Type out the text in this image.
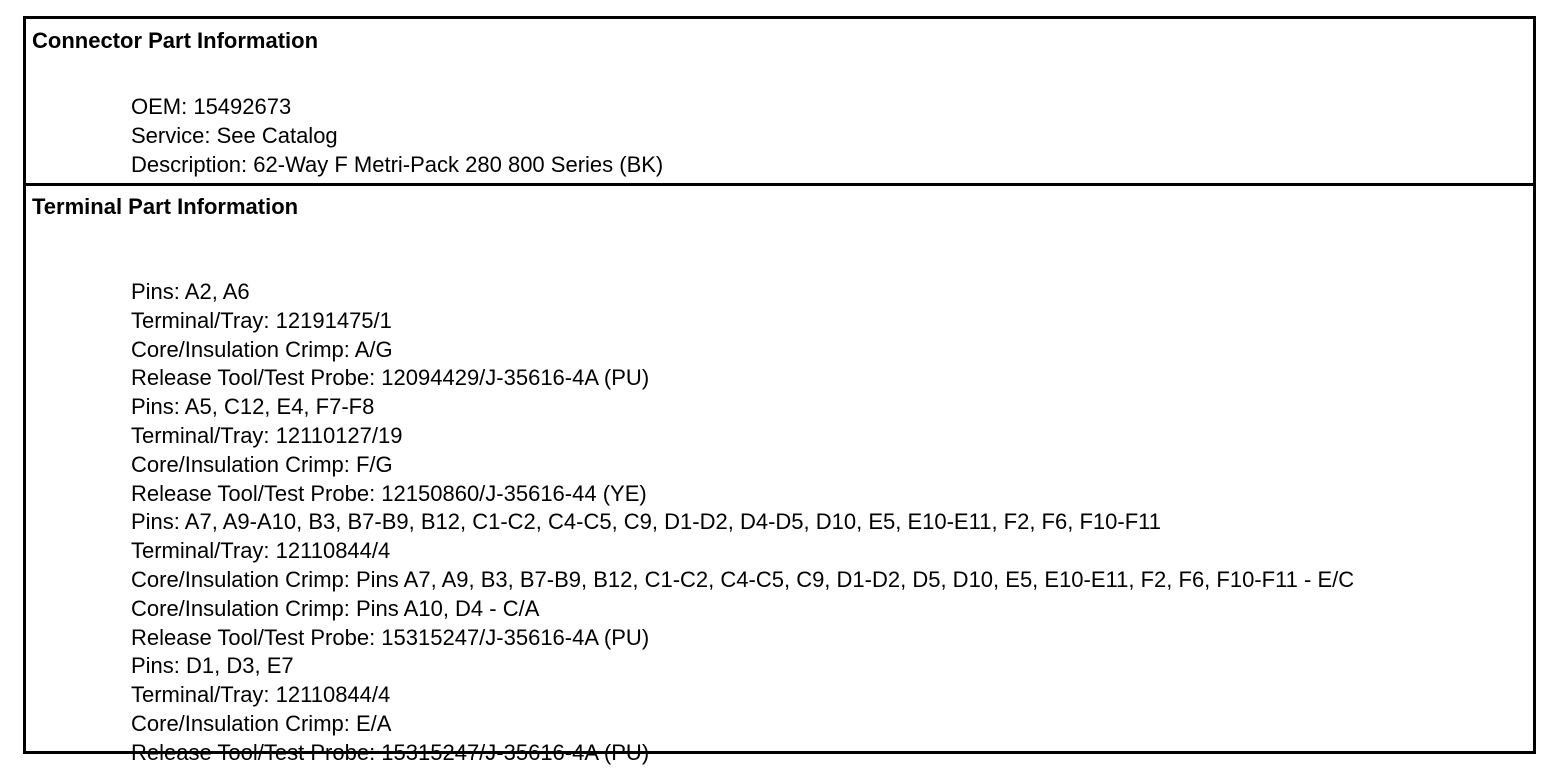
Connector Part Information
OEM: 15492673
Service: See Catalog
Description: 62-Way F Metri-Pack 280 800 Series (BK)
Terminal Part Information
Pins: A2, A6
Terminal/Tray: 12191475/1
Core/Insulation Crimp: A/G
Release Tool/Test Probe: 12094429/J-35616-4A (PU)
Pins: A5, C12, E4, F7-F8
Terminal/Tray: 12110127/19
Core/Insulation Crimp: F/G
Release Tool/Test Probe: 12150860/J-35616-44 (YE)
Pins: A7, A9-A10, B3, B7-B9, B12, C1-C2, C4-C5, C9, D1-D2, D4-D5, D10, E5, E10-E11, F2, F6, F10-F11
Terminal/Tray: 12110844/4
Core/Insulation Crimp: Pins A7, A9, B3, B7-B9, B12, C1-C2, C4-C5, C9, D1-D2, D5, D10, E5, E10-E11, F2, F6, F10-F11 - E/C
Core/Insulation Crimp: Pins A10, D4 - C/A
Release Tool/Test Probe: 15315247/J-35616-4A (PU)
Pins: D1, D3, E7
Terminal/Tray: 12110844/4
Core/Insulation Crimp: E/A
Release Tool/Test Probe: 15315247/J-35616-4A (PU)
